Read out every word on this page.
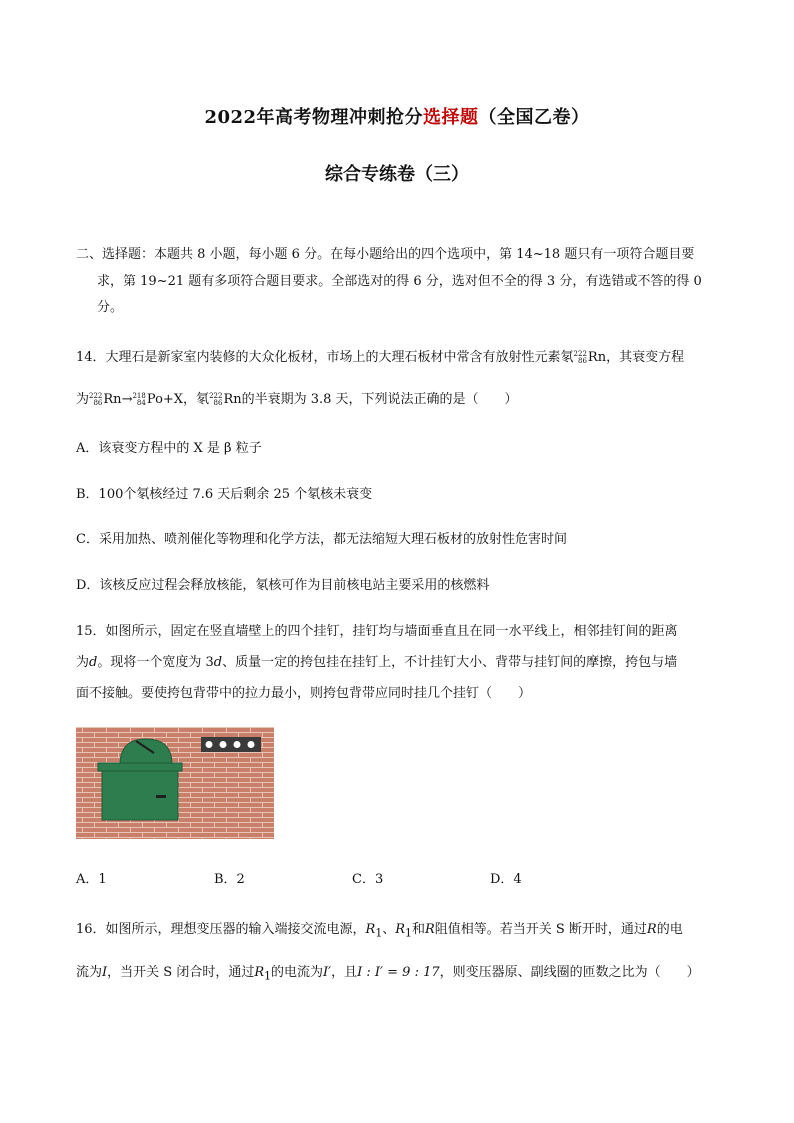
2022年高考物理冲刺抢分选择题（全国乙卷）
综合专练卷（三）
二、选择题：本题共 8 小题，每小题 6 分。在每小题给出的四个选项中，第 14~18 题只有一项符合题目要
求，第 19~21 题有多项符合题目要求。全部选对的得 6 分，选对但不全的得 3 分，有选错或不答的得 0
分。
14．大理石是新家室内装修的大众化板材，市场上的大理石板材中常含有放射性元素氡 222
86 Rn，其衰变方程
为 222
86 Rn→ 218
84 Po+X，氡 222
86 Rn的半衰期为 3.8 天，下列说法正确的是（　　）
A．该衰变方程中的 X 是 β 粒子
B．100个氡核经过 7.6 天后剩余 25 个氡核未衰变
C．采用加热、喷剂催化等物理和化学方法，都无法缩短大理石板材的放射性危害时间
D．该核反应过程会释放核能，氡核可作为目前核电站主要采用的核燃料
15．如图所示，固定在竖直墙壁上的四个挂钉，挂钉均与墙面垂直且在同一水平线上，相邻挂钉间的距离
为d。现将一个宽度为 3d、质量一定的挎包挂在挂钉上，不计挂钉大小、背带与挂钉间的摩擦，挎包与墙
面不接触。要使挎包背带中的拉力最小，则挎包背带应同时挂几个挂钉（　　）
A．1	B．2	C．3	D．4
16．如图所示，理想变压器的输入端接交流电源，$R_1$、$R_1$和R阻值相等。若当开关 S 断开时，通过R的电
流为I，当开关 S 闭合时，通过$R_1$的电流为I′，且I : I′ = 9 : 17，则变压器原、副线圈的匝数之比为（　　）
